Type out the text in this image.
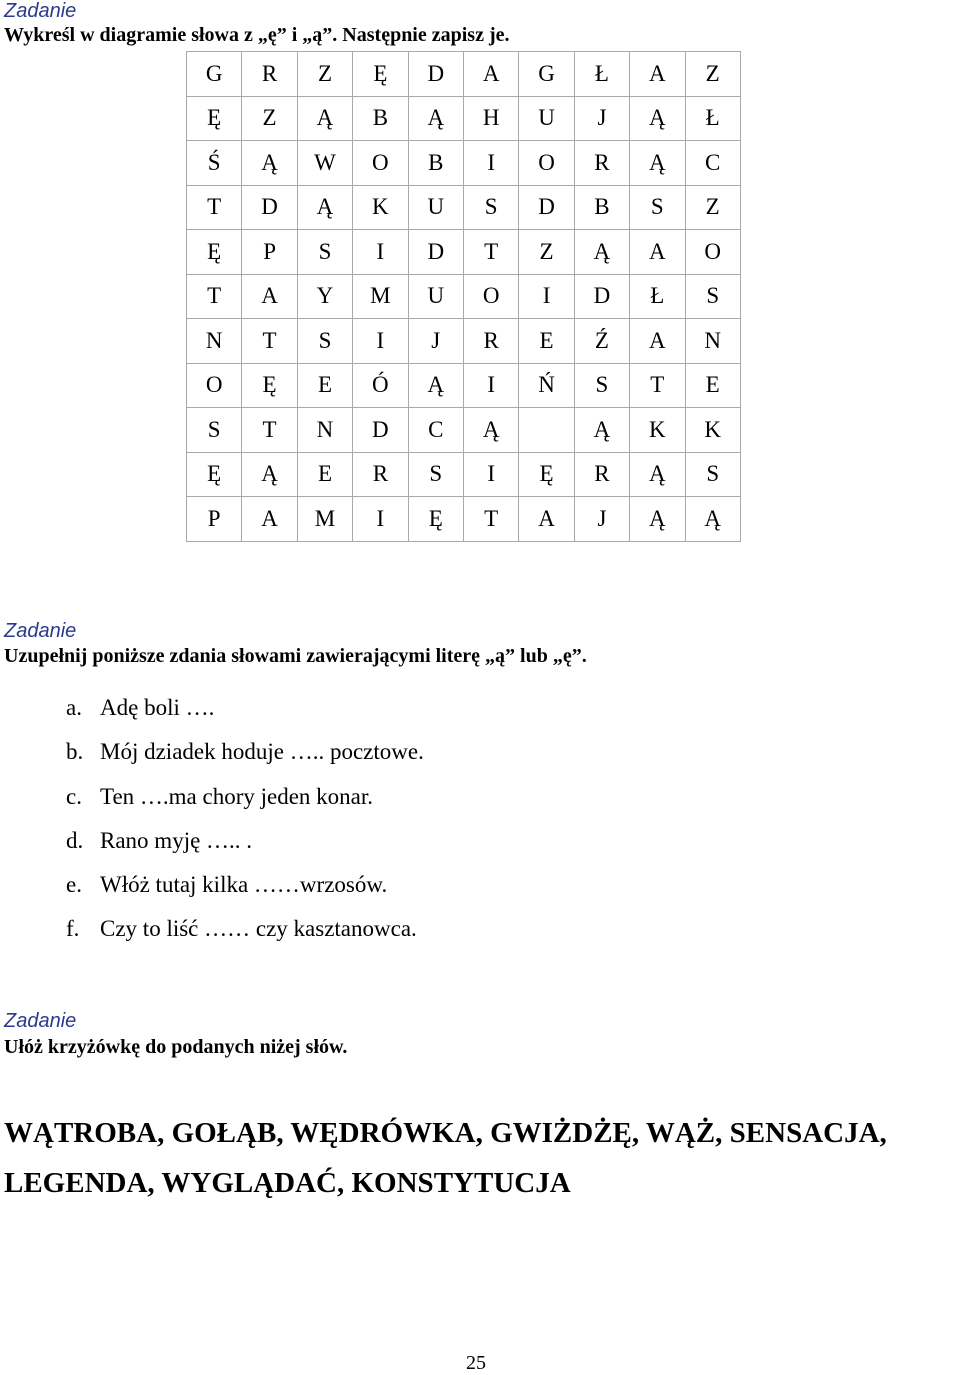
Zadanie
Wykreśl w diagramie słowa z „ę” i „ą”. Następnie zapisz je.
G	R	Z	Ę	D	A	G	Ł	A	Z
Ę	Z	Ą	B	Ą	H	U	J	Ą	Ł
Ś	Ą	W	O	B	I	O	R	Ą	C
T	D	Ą	K	U	S	D	B	S	Z
Ę	P	S	I	D	T	Z	Ą	A	O
T	A	Y	M	U	O	I	D	Ł	S
N	T	S	I	J	R	E	Ź	A	N
O	Ę	E	Ó	Ą	I	Ń	S	T	E
S	T	N	D	C	Ą		Ą	K	K
Ę	Ą	E	R	S	I	Ę	R	Ą	S
P	A	M	I	Ę	T	A	J	Ą	Ą
Zadanie
Uzupełnij poniższe zdania słowami zawierającymi literę „ą” lub „ę”.
a. Adę boli ….
b. Mój dziadek hoduje ….. pocztowe.
c. Ten ….ma chory jeden konar.
d. Rano myję ….. .
e. Włóż tutaj kilka ……wrzosów.
f. Czy to liść …… czy kasztanowca.
Zadanie
Ułóż krzyżówkę do podanych niżej słów.
WĄTROBA, GOŁĄB, WĘDRÓWKA, GWIŻDŻĘ, WĄŻ, SENSACJA,
LEGENDA, WYGLĄDAĆ, KONSTYTUCJA
25
